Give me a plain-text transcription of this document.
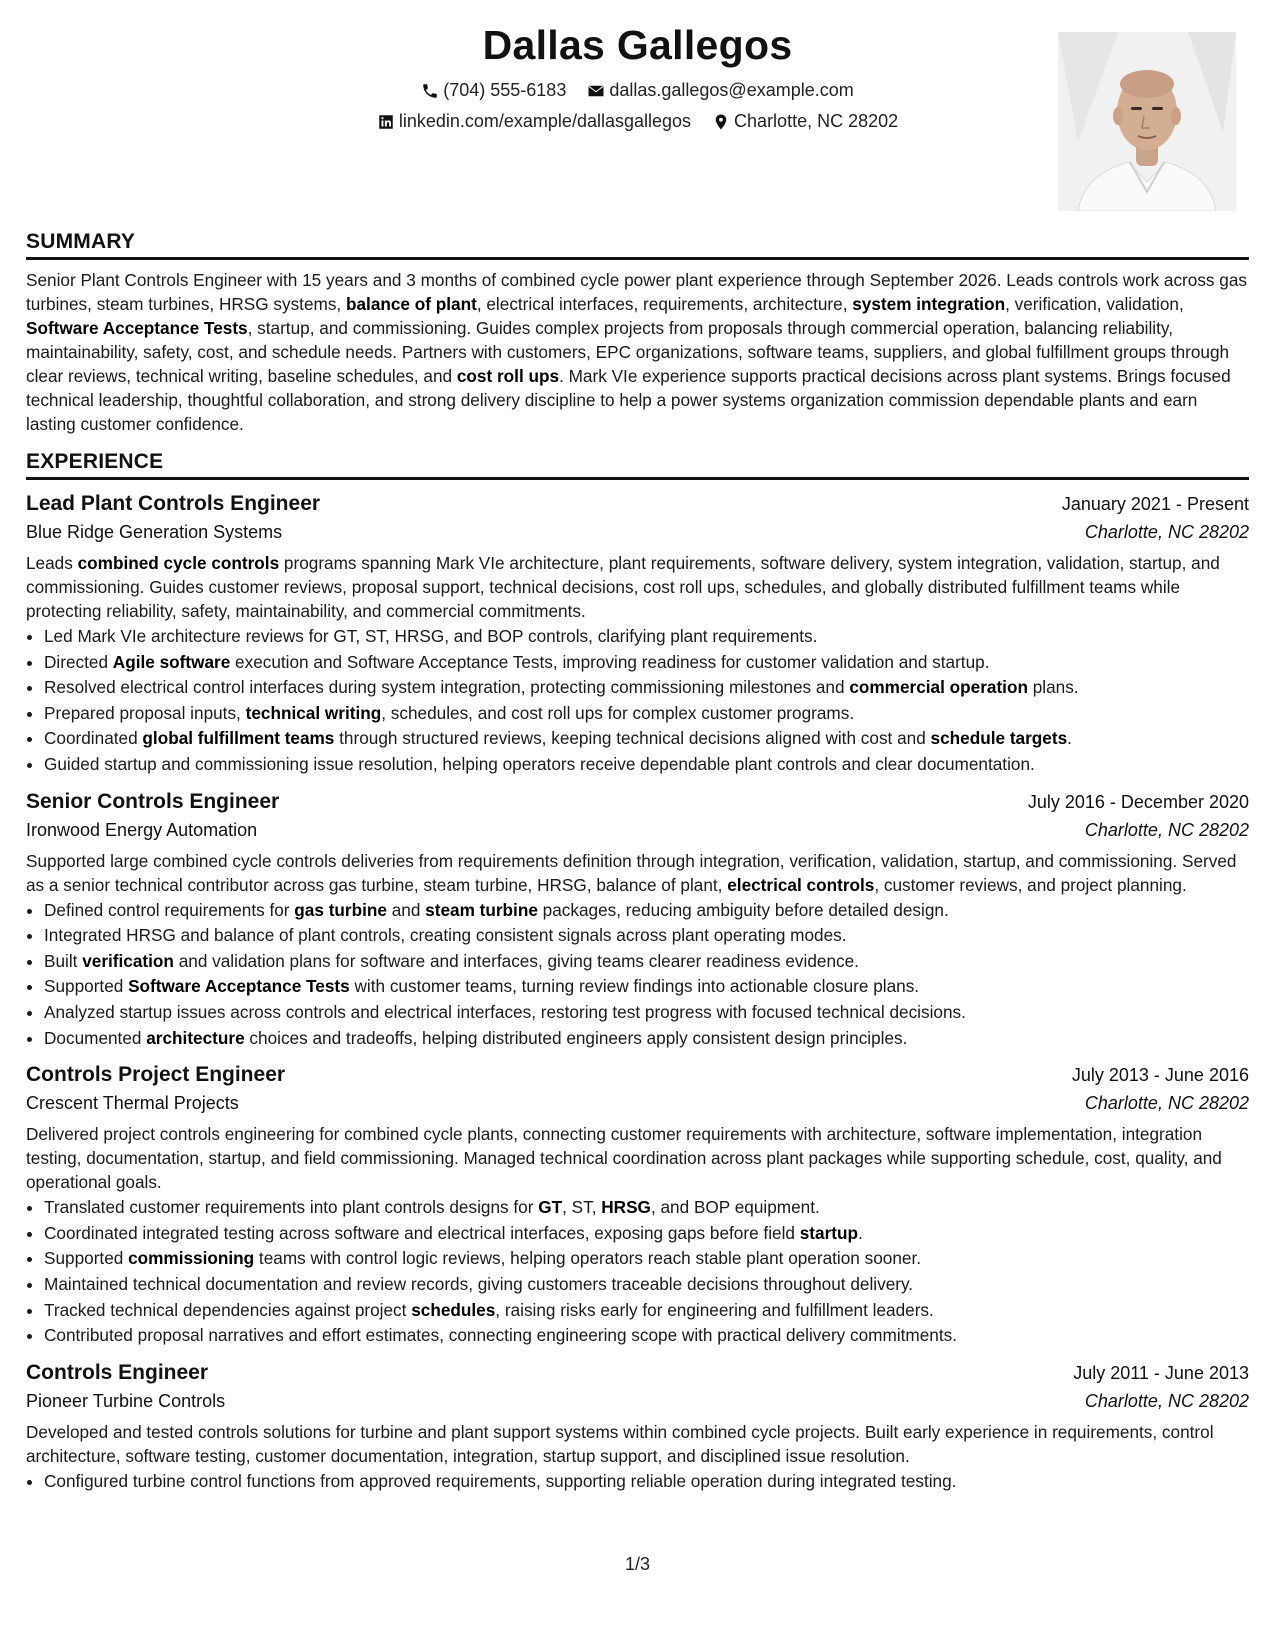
Dallas Gallegos
(704) 555-6183
dallas.gallegos@example.com
linkedin.com/example/dallasgallegos
Charlotte, NC 28202
SUMMARY

Senior Plant Controls Engineer with 15 years and 3 months of combined cycle power plant experience through September 2026. Leads controls work across gas turbines, steam turbines, HRSG systems, balance of plant, electrical interfaces, requirements, architecture, system integration, verification, validation, Software Acceptance Tests, startup, and commissioning. Guides complex projects from proposals through commercial operation, balancing reliability, maintainability, safety, cost, and schedule needs. Partners with customers, EPC organizations, software teams, suppliers, and global fulfillment groups through clear reviews, technical writing, baseline schedules, and cost roll ups. Mark VIe experience supports practical decisions across plant systems. Brings focused technical leadership, thoughtful collaboration, and strong delivery discipline to help a power systems organization commission dependable plants and earn lasting customer confidence.

EXPERIENCE
Lead Plant Controls Engineer	January 2021 - Present
Blue Ridge Generation Systems	Charlotte, NC 28202

Leads combined cycle controls programs spanning Mark VIe architecture, plant requirements, software delivery, system integration, validation, startup, and commissioning. Guides customer reviews, proposal support, technical decisions, cost roll ups, schedules, and globally distributed fulfillment teams while protecting reliability, safety, maintainability, and commercial commitments.

• Led Mark VIe architecture reviews for GT, ST, HRSG, and BOP controls, clarifying plant requirements.
• Directed Agile software execution and Software Acceptance Tests, improving readiness for customer validation and startup.
• Resolved electrical control interfaces during system integration, protecting commissioning milestones and commercial operation plans.
• Prepared proposal inputs, technical writing, schedules, and cost roll ups for complex customer programs.
• Coordinated global fulfillment teams through structured reviews, keeping technical decisions aligned with cost and schedule targets.
• Guided startup and commissioning issue resolution, helping operators receive dependable plant controls and clear documentation.
Senior Controls Engineer	July 2016 - December 2020
Ironwood Energy Automation	Charlotte, NC 28202

Supported large combined cycle controls deliveries from requirements definition through integration, verification, validation, startup, and commissioning. Served as a senior technical contributor across gas turbine, steam turbine, HRSG, balance of plant, electrical controls, customer reviews, and project planning.

• Defined control requirements for gas turbine and steam turbine packages, reducing ambiguity before detailed design.
• Integrated HRSG and balance of plant controls, creating consistent signals across plant operating modes.
• Built verification and validation plans for software and interfaces, giving teams clearer readiness evidence.
• Supported Software Acceptance Tests with customer teams, turning review findings into actionable closure plans.
• Analyzed startup issues across controls and electrical interfaces, restoring test progress with focused technical decisions.
• Documented architecture choices and tradeoffs, helping distributed engineers apply consistent design principles.
Controls Project Engineer	July 2013 - June 2016
Crescent Thermal Projects	Charlotte, NC 28202

Delivered project controls engineering for combined cycle plants, connecting customer requirements with architecture, software implementation, integration testing, documentation, startup, and field commissioning. Managed technical coordination across plant packages while supporting schedule, cost, quality, and operational goals.

• Translated customer requirements into plant controls designs for GT, ST, HRSG, and BOP equipment.
• Coordinated integrated testing across software and electrical interfaces, exposing gaps before field startup.
• Supported commissioning teams with control logic reviews, helping operators reach stable plant operation sooner.
• Maintained technical documentation and review records, giving customers traceable decisions throughout delivery.
• Tracked technical dependencies against project schedules, raising risks early for engineering and fulfillment leaders.
• Contributed proposal narratives and effort estimates, connecting engineering scope with practical delivery commitments.
Controls Engineer	July 2011 - June 2013
Pioneer Turbine Controls	Charlotte, NC 28202

Developed and tested controls solutions for turbine and plant support systems within combined cycle projects. Built early experience in requirements, control architecture, software testing, customer documentation, integration, startup support, and disciplined issue resolution.

• Configured turbine control functions from approved requirements, supporting reliable operation during integrated testing.
1/3
